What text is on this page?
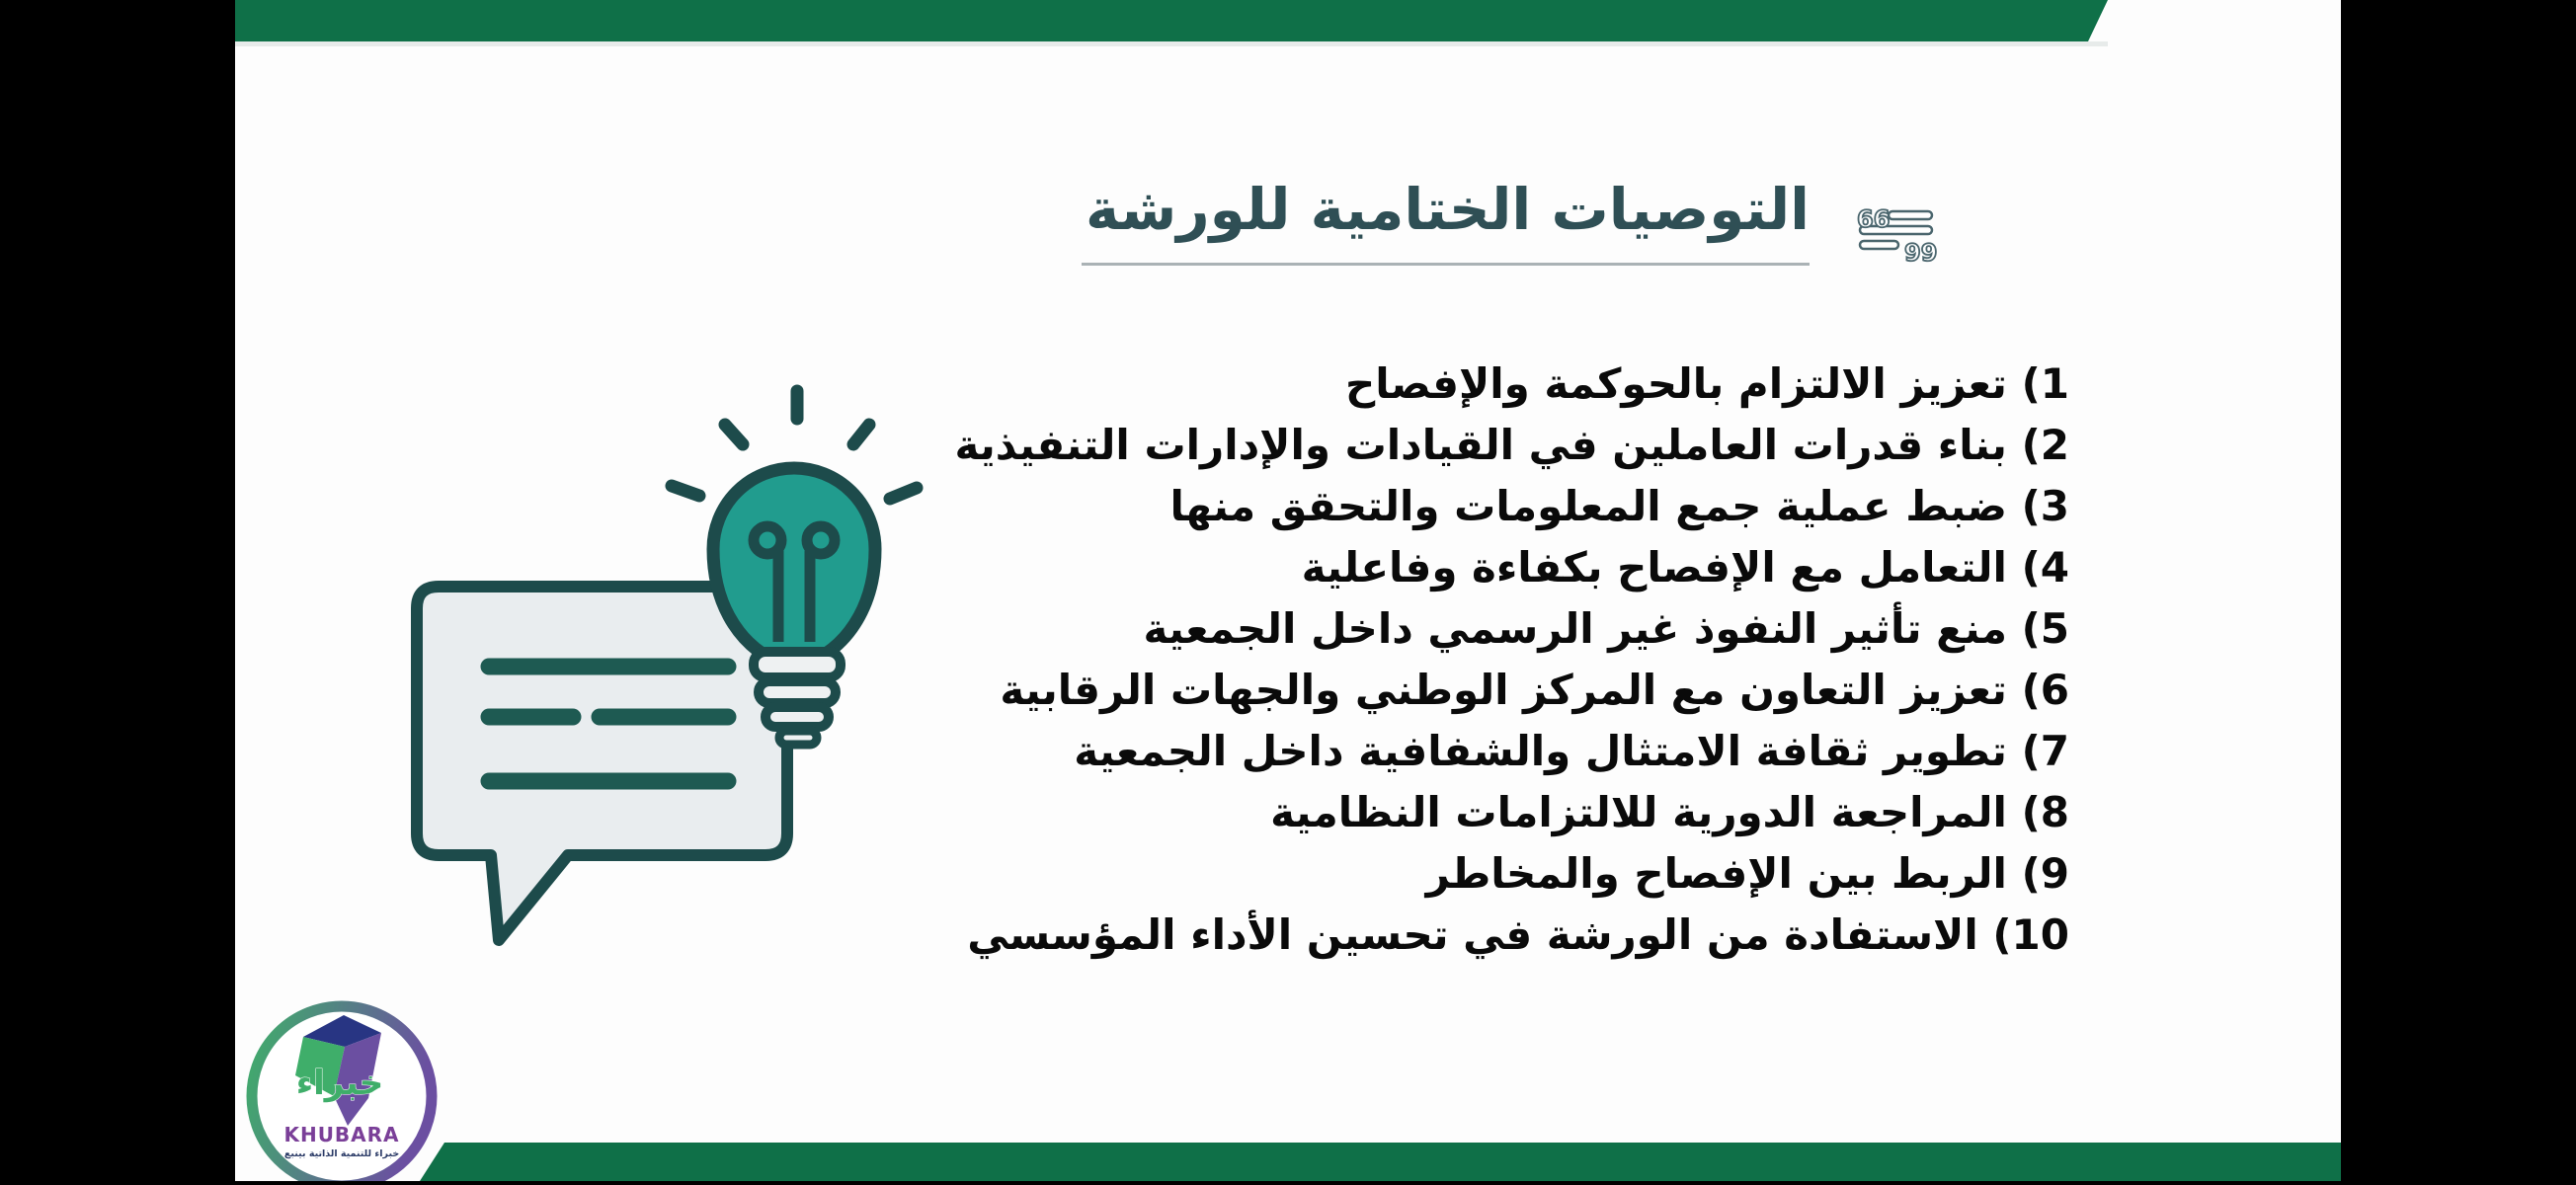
التوصيات الختامية للورشة 66
99
1) تعزيز الالتزام بالحوكمة والإفصاح
2) بناء قدرات العاملين في القيادات والإدارات التنفيذية
3) ضبط عملية جمع المعلومات والتحقق منها
4) التعامل مع الإفصاح بكفاءة وفاعلية
5) منع تأثير النفوذ غير الرسمي داخل الجمعية
6) تعزيز التعاون مع المركز الوطني والجهات الرقابية
7) تطوير ثقافة الامتثال والشفافية داخل الجمعية
8) المراجعة الدورية للالتزامات النظامية
9) الربط بين الإفصاح والمخاطر
10) الاستفادة من الورشة في تحسين الأداء المؤسسي
خبراء
KHUBARA
خبراء للتنمية الذاتية بينبع
